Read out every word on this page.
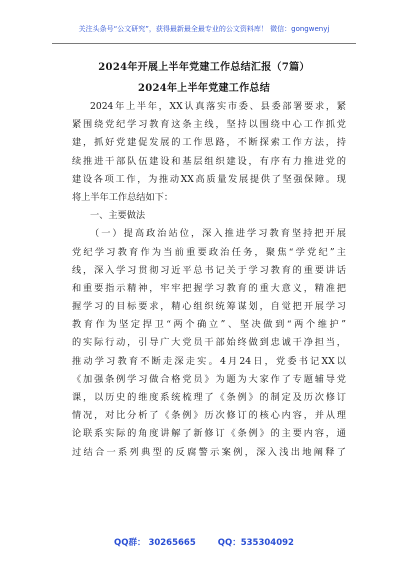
关注头条号“公文研究”，获得最新最全最专业的公文资料库！ 微信：gongwenyj
2024年开展上半年党建工作总结汇报（7篇）
2024年上半年党建工作总结
2024年上半年，XX认真落实市委、县委部署要求，紧
紧围绕党纪学习教育这条主线，坚持以围绕中心工作抓党
建，抓好党建促发展的工作思路，不断探索工作方法，持
续推进干部队伍建设和基层组织建设，有序有力推进党的
建设各项工作，为推动XX高质量发展提供了坚强保障。现
将上半年工作总结如下：
一、主要做法
（一）提高政治站位，深入推进学习教育坚持把开展
党纪学习教育作为当前重要政治任务，聚焦“学党纪”主
线，深入学习贯彻习近平总书记关于学习教育的重要讲话
和重要指示精神，牢牢把握学习教育的重大意义，精准把
握学习的目标要求，精心组织统筹谋划，自觉把开展学习
教育作为坚定捍卫“两个确立”、坚决做到“两个维护”
的实际行动，引导广大党员干部始终做到忠诚干净担当，
推动学习教育不断走深走实。4月24日，党委书记XX以
《加强条例学习做合格党员》为题为大家作了专题辅导党
课，以历史的维度系统梳理了《条例》的制定及历次修订
情况，对比分析了《条例》历次修订的核心内容，并从理
论联系实际的角度讲解了新修订《条例》的主要内容，通
过结合一系列典型的反腐警示案例，深入浅出地阐释了
QQ群： 30265665	QQ：535304092
